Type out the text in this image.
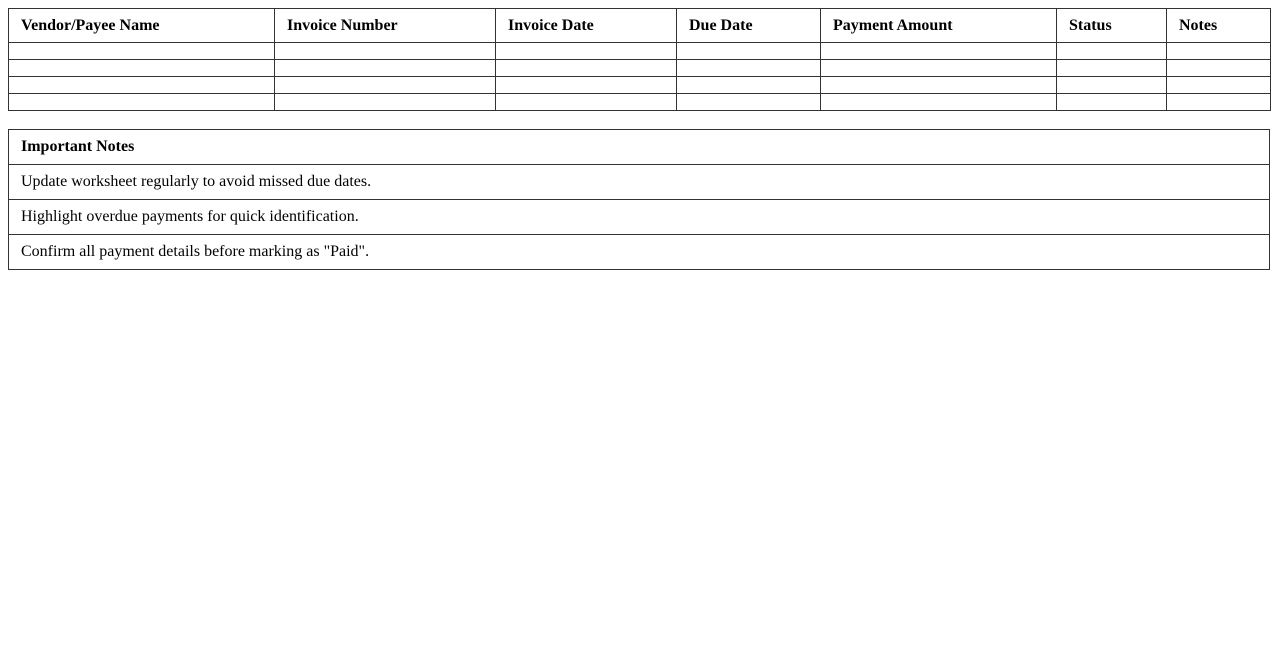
Vendor/Payee Name	Invoice Number	Invoice Date	Due Date	Payment Amount	Status	Notes

Important Notes
Update worksheet regularly to avoid missed due dates.
Highlight overdue payments for quick identification.
Confirm all payment details before marking as "Paid".
